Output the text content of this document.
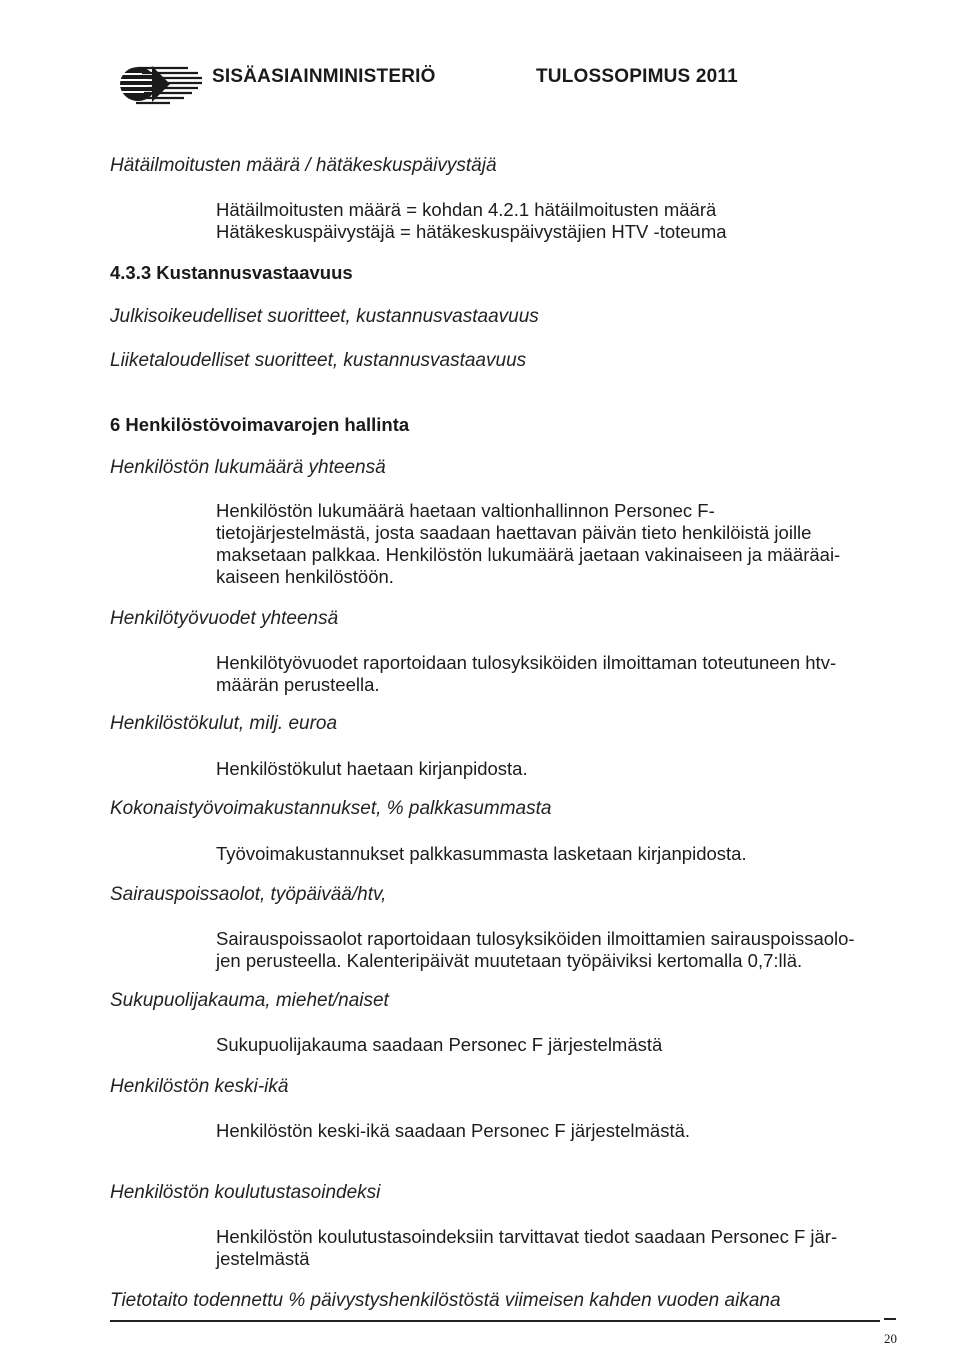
SISÄASIAINMINISTERIÖ	TULOSSOPIMUS 2011
Hätäilmoitusten määrä / hätäkeskuspäivystäjä
Hätäilmoitusten määrä = kohdan 4.2.1 hätäilmoitusten määrä
Hätäkeskuspäivystäjä = hätäkeskuspäivystäjien HTV -toteuma
4.3.3 Kustannusvastaavuus
Julkisoikeudelliset suoritteet, kustannusvastaavuus
Liiketaloudelliset suoritteet, kustannusvastaavuus
6 Henkilöstövoimavarojen hallinta
Henkilöstön lukumäärä yhteensä
Henkilöstön lukumäärä haetaan valtionhallinnon Personec F-
tietojärjestelmästä, josta saadaan haettavan päivän tieto henkilöistä joille
maksetaan palkkaa. Henkilöstön lukumäärä jaetaan vakinaiseen ja määräai-
kaiseen henkilöstöön.
Henkilötyövuodet yhteensä
Henkilötyövuodet raportoidaan tulosyksiköiden ilmoittaman toteutuneen htv-
määrän perusteella.
Henkilöstökulut, milj. euroa
Henkilöstökulut haetaan kirjanpidosta.
Kokonaistyövoimakustannukset, % palkkasummasta
Työvoimakustannukset palkkasummasta lasketaan kirjanpidosta.
Sairauspoissaolot, työpäivää/htv,
Sairauspoissaolot raportoidaan tulosyksiköiden ilmoittamien sairauspoissaolo-
jen perusteella. Kalenteripäivät muutetaan työpäiviksi kertomalla 0,7:llä.
Sukupuolijakauma, miehet/naiset
Sukupuolijakauma saadaan Personec F järjestelmästä
Henkilöstön keski-ikä
Henkilöstön keski-ikä saadaan Personec F järjestelmästä.
Henkilöstön koulutustasoindeksi
Henkilöstön koulutustasoindeksiin tarvittavat tiedot saadaan Personec F jär-
jestelmästä
Tietotaito todennettu % päivystyshenkilöstöstä viimeisen kahden vuoden aikana
20
